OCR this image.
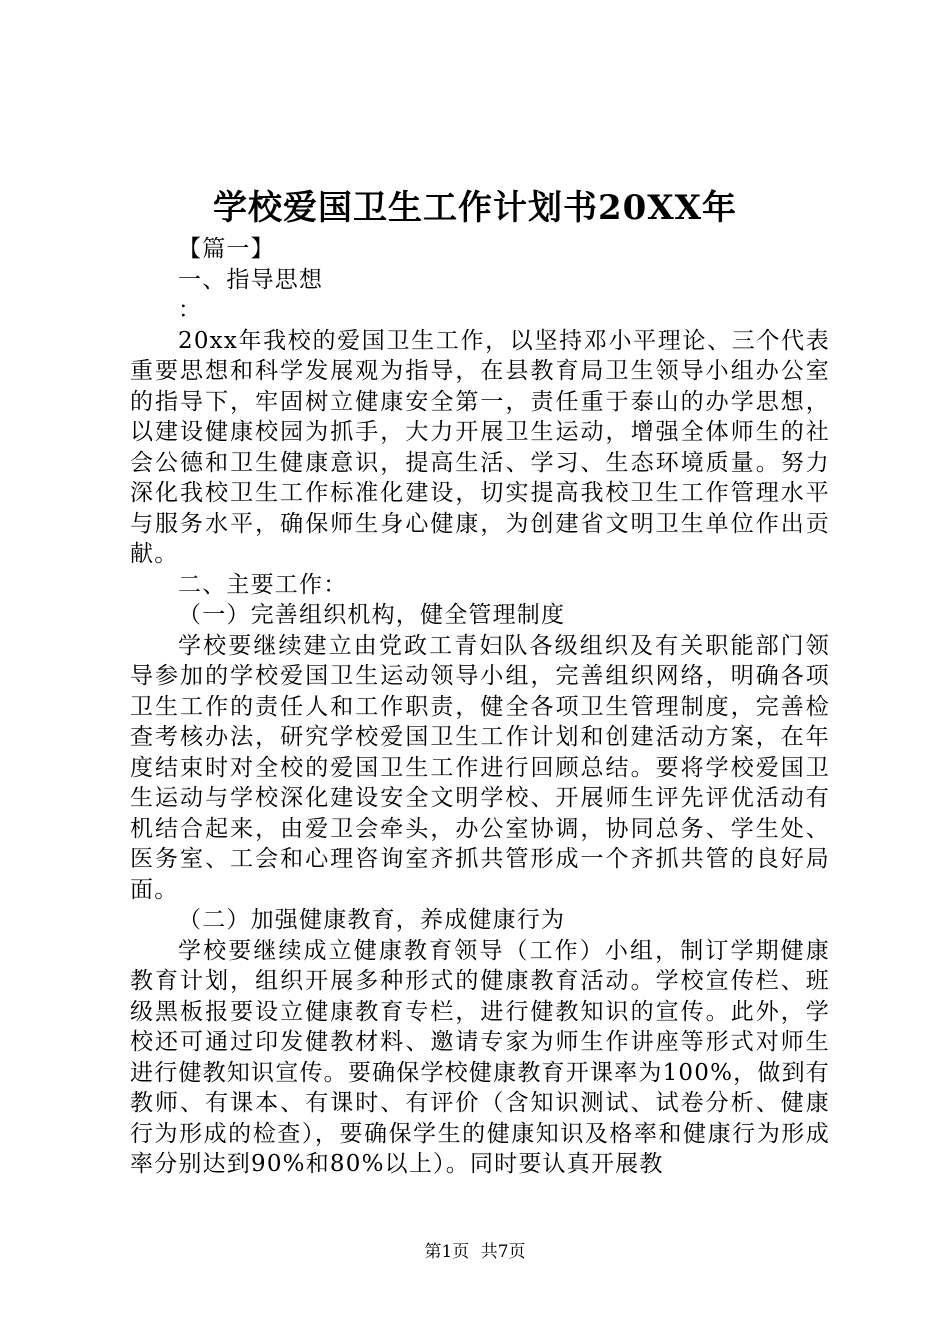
学校爱国卫生工作计划书20XX年

【篇一】

一、指导思想

：

20xx年我校的爱国卫生工作，以坚持邓小平理论、三个代表重要思想和科学发展观为指导，在县教育局卫生领导小组办公室的指导下，牢固树立健康安全第一，责任重于泰山的办学思想，以建设健康校园为抓手，大力开展卫生运动，增强全体师生的社会公德和卫生健康意识，提高生活、学习、生态环境质量。努力深化我校卫生工作标准化建设，切实提高我校卫生工作管理水平与服务水平，确保师生身心健康，为创建省文明卫生单位作出贡献。

二、主要工作：

（一）完善组织机构，健全管理制度

学校要继续建立由党政工青妇队各级组织及有关职能部门领导参加的学校爱国卫生运动领导小组，完善组织网络，明确各项卫生工作的责任人和工作职责，健全各项卫生管理制度，完善检查考核办法，研究学校爱国卫生工作计划和创建活动方案，在年度结束时对全校的爱国卫生工作进行回顾总结。要将学校爱国卫生运动与学校深化建设安全文明学校、开展师生评先评优活动有机结合起来，由爱卫会牵头，办公室协调，协同总务、学生处、医务室、工会和心理咨询室齐抓共管形成一个齐抓共管的良好局面。

（二）加强健康教育，养成健康行为

学校要继续成立健康教育领导（工作）小组，制订学期健康教育计划，组织开展多种形式的健康教育活动。学校宣传栏、班级黑板报要设立健康教育专栏，进行健教知识的宣传。此外，学校还可通过印发健教材料、邀请专家为师生作讲座等形式对师生进行健教知识宣传。要确保学校健康教育开课率为100%，做到有教师、有课本、有课时、有评价（含知识测试、试卷分析、健康行为形成的检查），要确保学生的健康知识及格率和健康行为形成率分别达到90%和80%以上）。同时要认真开展教

第1页 共7页
